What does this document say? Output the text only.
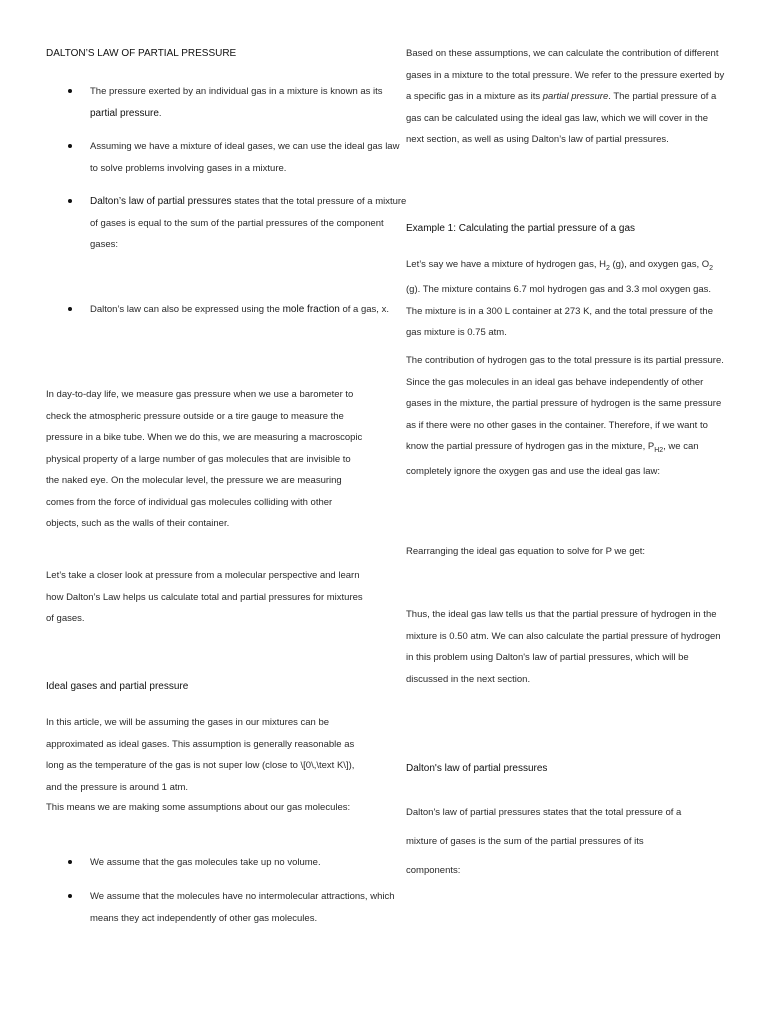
DALTON’S LAW OF PARTIAL PRESSURE

The pressure exerted by an individual gas in a mixture is known as its partial pressure.

Assuming we have a mixture of ideal gases, we can use the ideal gas law to solve problems involving gases in a mixture.

Dalton’s law of partial pressures states that the total pressure of a mixture of gases is equal to the sum of the partial pressures of the component gases:

Dalton’s law can also be expressed using the mole fraction of a gas, x.

In day-to-day life, we measure gas pressure when we use a barometer to check the atmospheric pressure outside or a tire gauge to measure the pressure in a bike tube. When we do this, we are measuring a macroscopic physical property of a large number of gas molecules that are invisible to the naked eye. On the molecular level, the pressure we are measuring comes from the force of individual gas molecules colliding with other objects, such as the walls of their container.

Let’s take a closer look at pressure from a molecular perspective and learn how Dalton’s Law helps us calculate total and partial pressures for mixtures of gases.

Ideal gases and partial pressure

In this article, we will be assuming the gases in our mixtures can be approximated as ideal gases. This assumption is generally reasonable as long as the temperature of the gas is not super low (close to \[0\,\text K\]), and the pressure is around 1 atm.

This means we are making some assumptions about our gas molecules:

We assume that the gas molecules take up no volume.

We assume that the molecules have no intermolecular attractions, which means they act independently of other gas molecules.

Based on these assumptions, we can calculate the contribution of different gases in a mixture to the total pressure. We refer to the pressure exerted by a specific gas in a mixture as its partial pressure. The partial pressure of a gas can be calculated using the ideal gas law, which we will cover in the next section, as well as using Dalton’s law of partial pressures.

Example 1: Calculating the partial pressure of a gas

Let’s say we have a mixture of hydrogen gas, $H_2$ (g), and oxygen gas, $O_2$ (g). The mixture contains 6.7 mol hydrogen gas and 3.3 mol oxygen gas. The mixture is in a 300 L container at 273 K, and the total pressure of the gas mixture is 0.75 atm.

The contribution of hydrogen gas to the total pressure is its partial pressure. Since the gas molecules in an ideal gas behave independently of other gases in the mixture, the partial pressure of hydrogen is the same pressure as if there were no other gases in the container. Therefore, if we want to know the partial pressure of hydrogen gas in the mixture, $P_{H2}$, we can completely ignore the oxygen gas and use the ideal gas law:

Rearranging the ideal gas equation to solve for P we get:

Thus, the ideal gas law tells us that the partial pressure of hydrogen in the mixture is 0.50 atm. We can also calculate the partial pressure of hydrogen in this problem using Dalton's law of partial pressures, which will be discussed in the next section.

Dalton's law of partial pressures

Dalton's law of partial pressures states that the total pressure of a

mixture of gases is the sum of the partial pressures of its

components:
